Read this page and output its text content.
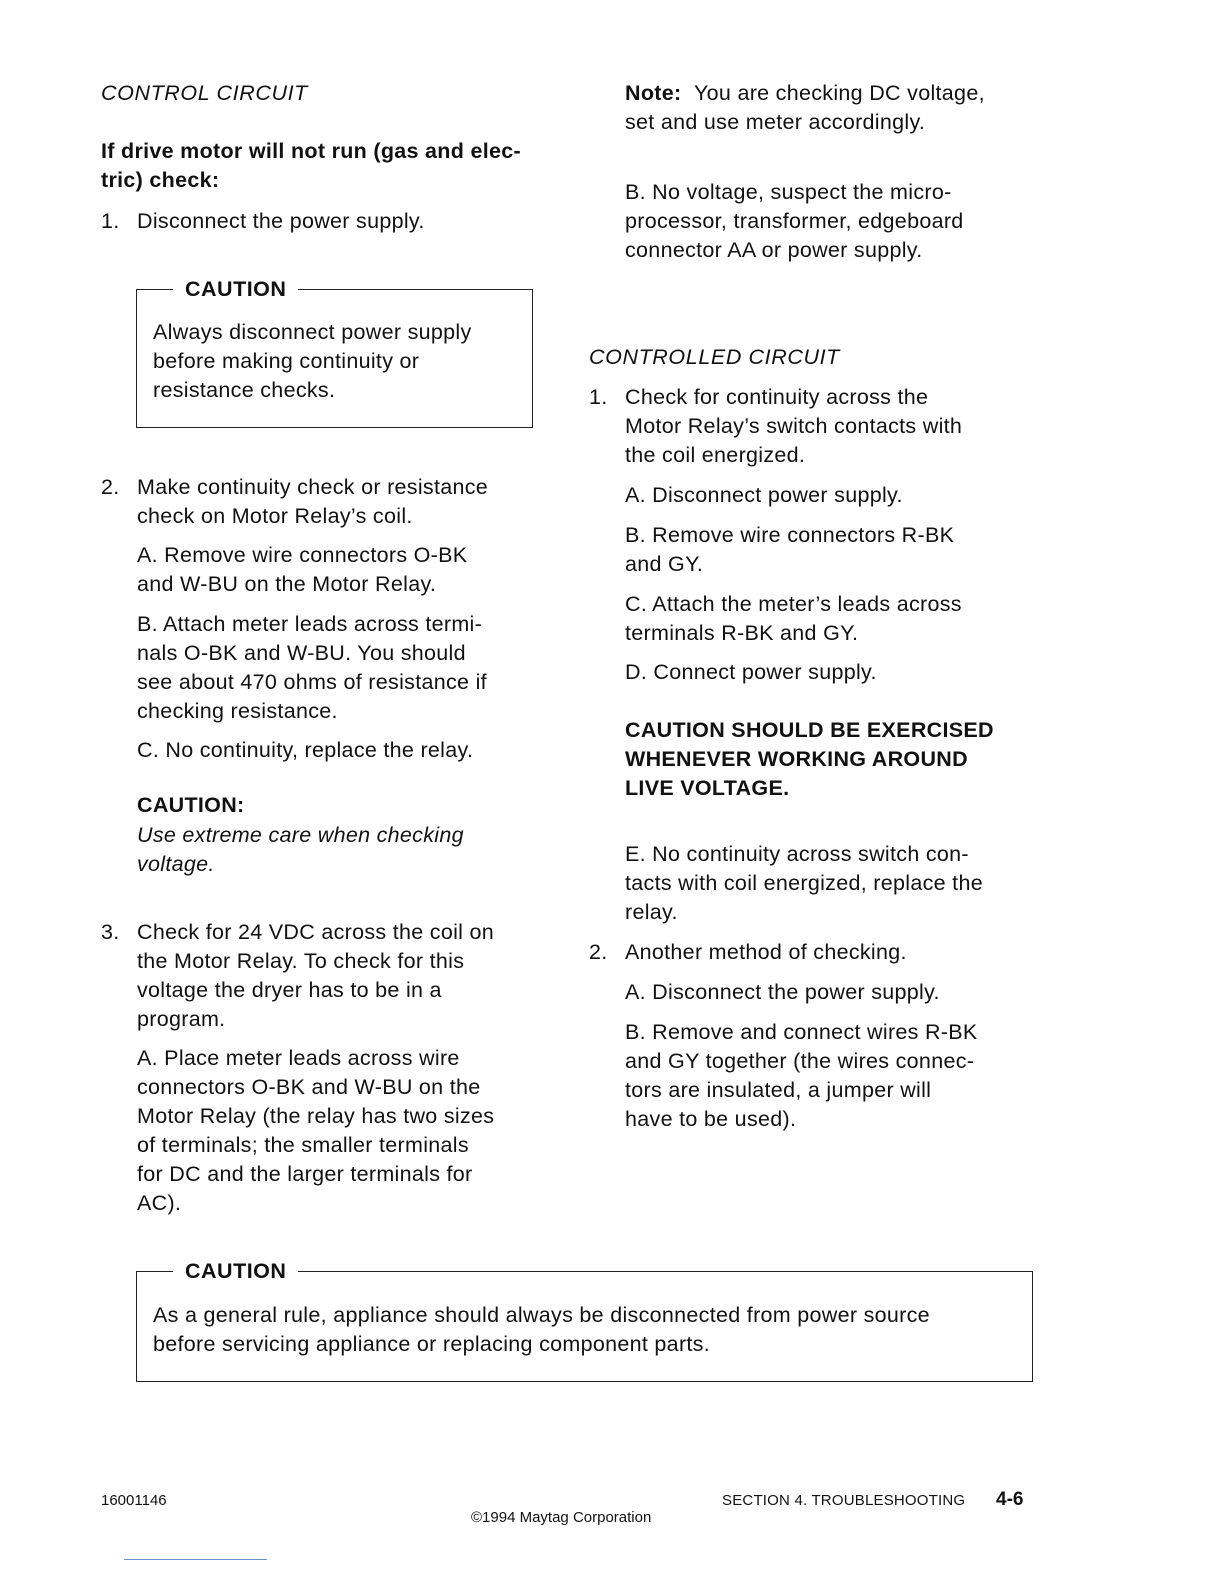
CONTROL CIRCUIT
If drive motor will not run (gas and elec-
tric) check:
1. Disconnect the power supply.
CAUTION
Always disconnect power supply
before making continuity or
resistance checks.
2. Make continuity check or resistance
check on Motor Relay’s coil.
A. Remove wire connectors O-BK
and W-BU on the Motor Relay.
B. Attach meter leads across termi-
nals O-BK and W-BU. You should
see about 470 ohms of resistance if
checking resistance.
C. No continuity, replace the relay.
CAUTION:
Use extreme care when checking
voltage.
3. Check for 24 VDC across the coil on
the Motor Relay. To check for this
voltage the dryer has to be in a
program.
A. Place meter leads across wire
connectors O-BK and W-BU on the
Motor Relay (the relay has two sizes
of terminals; the smaller terminals
for DC and the larger terminals for
AC).
Note: You are checking DC voltage,
set and use meter accordingly.
B. No voltage, suspect the micro-
processor, transformer, edgeboard
connector AA or power supply.
CONTROLLED CIRCUIT
1. Check for continuity across the
Motor Relay’s switch contacts with
the coil energized.
A. Disconnect power supply.
B. Remove wire connectors R-BK
and GY.
C. Attach the meter’s leads across
terminals R-BK and GY.
D. Connect power supply.
CAUTION SHOULD BE EXERCISED
WHENEVER WORKING AROUND
LIVE VOLTAGE.
E. No continuity across switch con-
tacts with coil energized, replace the
relay.
2. Another method of checking.
A. Disconnect the power supply.
B. Remove and connect wires R-BK
and GY together (the wires connec-
tors are insulated, a jumper will
have to be used).
CAUTION
As a general rule, appliance should always be disconnected from power source
before servicing appliance or replacing component parts.
16001146	SECTION 4. TROUBLESHOOTING 4-6
©1994 Maytag Corporation
